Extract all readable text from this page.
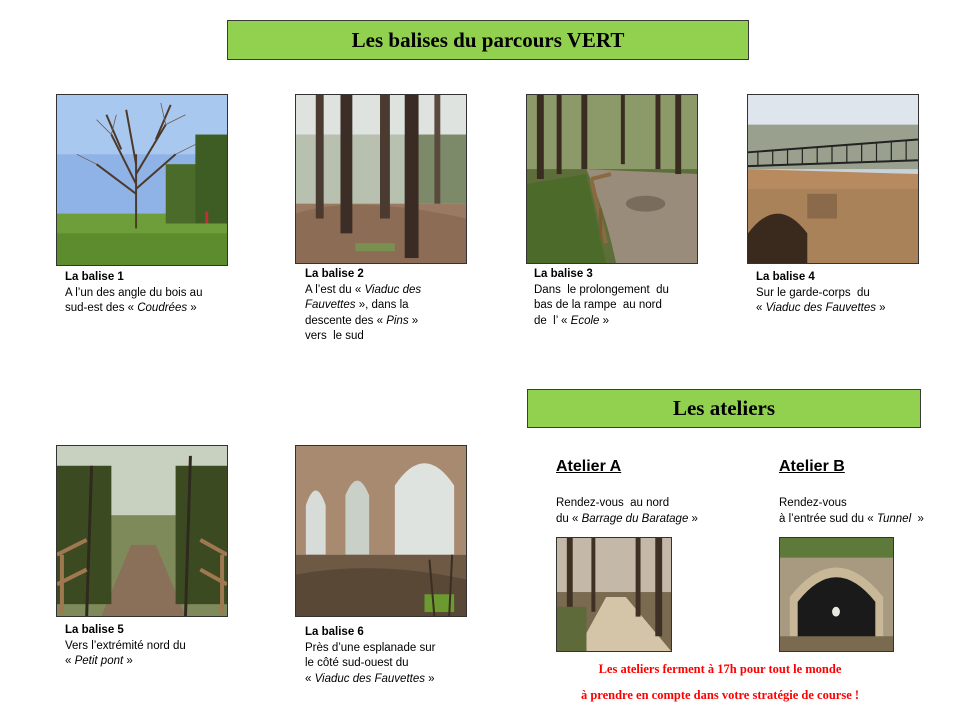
Les balises du parcours VERT
Les ateliers
La balise 1
A l’un des angle du bois au
sud-est des « Coudrées »
La balise 2
A l’est du « Viaduc des
Fauvettes », dans la
descente des « Pins »
vers  le sud
La balise 3
Dans  le prolongement  du
bas de la rampe  au nord
de  l’ « Ecole »
La balise 4
Sur le garde-corps  du
« Viaduc des Fauvettes »
La balise 5
Vers l’extrémité nord du
« Petit pont »
La balise 6
Près d’une esplanade sur
le côté sud-ouest du
« Viaduc des Fauvettes »
Atelier A
Rendez-vous  au nord
du « Barrage du Baratage »
Atelier B
Rendez-vous
à l’entrée sud du « Tunnel  »
Les ateliers ferment à 17h pour tout le monde
à prendre en compte dans votre stratégie de course !
